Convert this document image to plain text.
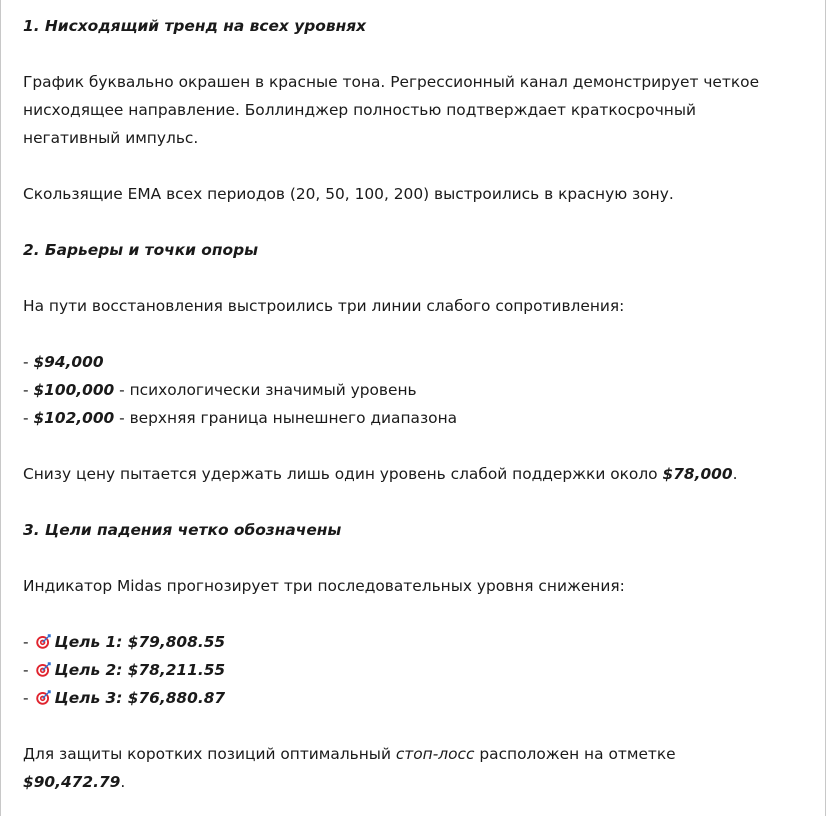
1. Нисходящий тренд на всех уровнях

График буквально окрашен в красные тона. Регрессионный канал демонстрирует четкое
нисходящее направление. Боллинджер полностью подтверждает краткосрочный
негативный импульс.

Скользящие EMA всех периодов (20, 50, 100, 200) выстроились в красную зону.

2. Барьеры и точки опоры

На пути восстановления выстроились три линии слабого сопротивления:

- $94,000

- $100,000 - психологически значимый уровень

- $102,000 - верхняя граница нынешнего диапазона

Снизу цену пытается удержать лишь один уровень слабой поддержки около $78,000.

3. Цели падения четко обозначены

Индикатор Midas прогнозирует три последовательных уровня снижения:

- Цель 1: $79,808.55

- Цель 2: $78,211.55

- Цель 3: $76,880.87

Для защиты коротких позиций оптимальный стоп-лосс расположен на отметке
$90,472.79.
